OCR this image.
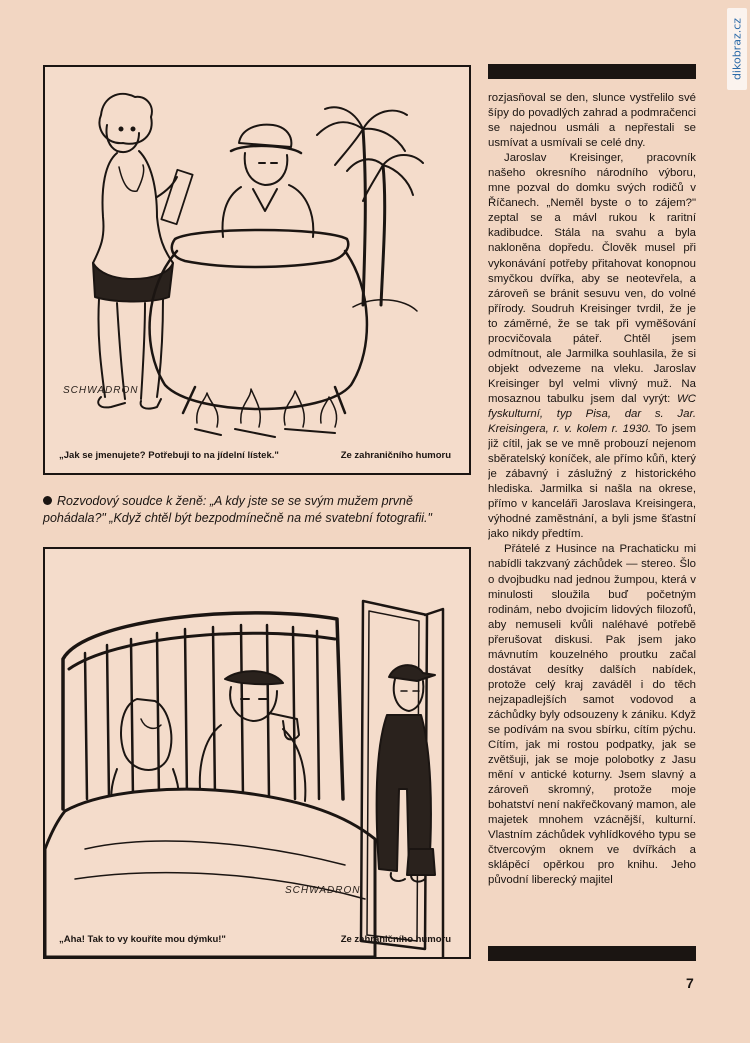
dikobraz.cz
SCHWADRON
„Jak se jmenujete? Potřebuji to na jídelní lístek."	Ze zahraničního humoru
Rozvodový soudce k ženě: „A kdy jste se se svým mužem prvně pohádala?" „Když chtěl být bezpodmínečně na mé svatební fotografii."
SCHWADRON
„Aha! Tak to vy kouříte mou dýmku!"	Ze zahraničního humoru

rozjasňoval se den, slunce vystřelilo své šípy do povadlých zahrad a podmračenci se najednou usmáli a nepřestali se usmívat a usmívali se celé dny.

Jaroslav Kreisinger, pracovník našeho okresního národního výboru, mne pozval do domku svých rodičů v Říčanech. „Neměl byste o to zájem?" zeptal se a mávl rukou k raritní kadibudce. Stála na svahu a byla nakloněna dopředu. Člověk musel při vykonávání potřeby přitahovat konopnou smyčkou dvířka, aby se neotevřela, a zároveň se bránit sesuvu ven, do volné přírody. Soudruh Kreisinger tvrdil, že je to záměrné, že se tak při vyměšování procvičovala páteř. Chtěl jsem odmítnout, ale Jarmilka souhlasila, že si objekt odvezeme na vleku. Jaroslav Kreisinger byl velmi vlivný muž. Na mosaznou tabulku jsem dal vyrýt: WC fyskulturní, typ Pisa, dar s. Jar. Kreisingera, r. v. kolem r. 1930. To jsem již cítil, jak se ve mně probouzí nejenom sběratelský koníček, ale přímo kůň, který je zábavný i záslužný z historického hlediska. Jarmilka si našla na okrese, přímo v kanceláři Jaroslava Kreisingera, výhodné zaměstnání, a byli jsme šťastní jako nikdy předtím.

Přátelé z Husince na Prachaticku mi nabídli takzvaný záchůdek — stereo. Šlo o dvojbudku nad jednou žumpou, která v minulosti sloužila buď početným rodinám, nebo dvojicím lidových filozofů, aby nemuseli kvůli naléhavé potřebě přerušovat diskusi. Pak jsem jako mávnutím kouzelného proutku začal dostávat desítky dalších nabídek, protože celý kraj zaváděl i do těch nejzapadlejších samot vodovod a záchůdky byly odsouzeny k zániku. Když se podívám na svou sbírku, cítím pýchu. Cítím, jak mi rostou podpatky, jak se zvětšuji, jak se moje polobotky z Jasu mění v antické koturny. Jsem slavný a zároveň skromný, protože moje bohatství není nakřečkovaný mamon, ale majetek mnohem vzácnější, kulturní. Vlastním záchůdek vyhlídkového typu se čtvercovým oknem ve dvířkách a sklápěcí opěrkou pro knihu. Jeho původní liberecký majitel

7
